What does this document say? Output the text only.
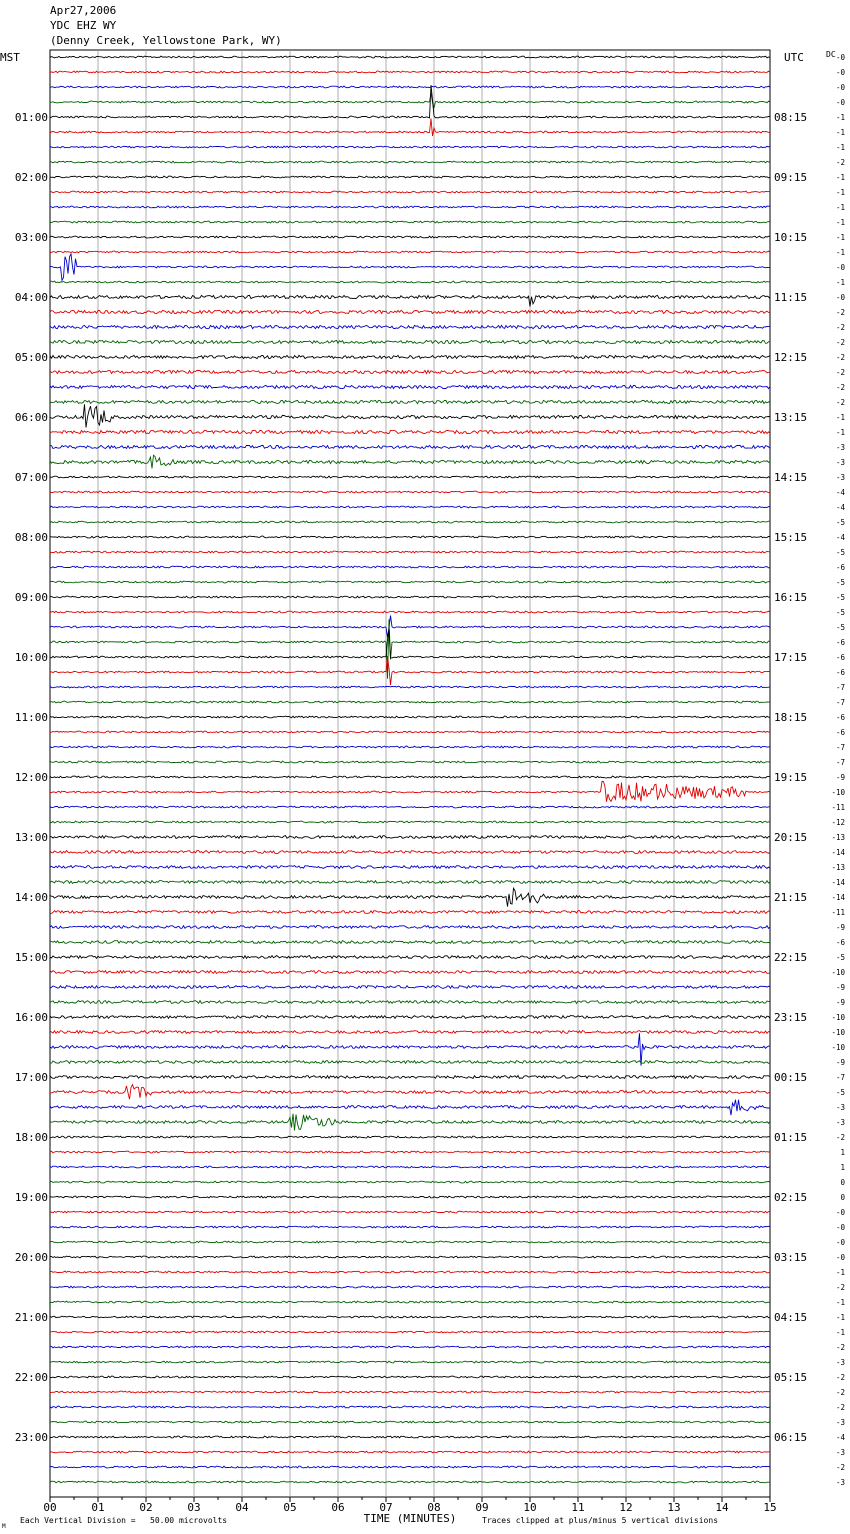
Apr27,2006
YDC EHZ WY
(Denny Creek, Yellowstone Park, WY)
MST	UTC	DC
01:00	08:15
02:00	09:15
03:00	10:15
04:00	11:15
05:00	12:15
06:00	13:15
07:00	14:15
08:00	15:15
09:00	16:15
10:00	17:15
11:00	18:15
12:00	19:15
13:00	20:15
14:00	21:15
15:00	22:15
16:00	23:15
17:00	00:15
18:00	01:15
19:00	02:15
20:00	03:15
21:00	04:15
22:00	05:15
23:00	06:15
-0
-0
-0
-0
-1
-1
-1
-2
-1
-1
-1
-1
-1
-1
-0
-1
-0
-2
-2
-2
-2
-2
-2
-2
-1
-1
-3
-3
-3
-4
-4
-5
-4
-5
-6
-5
-5
-5
-5
-6
-6
-6
-7
-7
-6
-6
-7
-7
-9
-10
-11
-12
-13
-14
-13
-14
-14
-11
-9
-6
-5
-10
-9
-9
-10
-10
-10
-9
-7
-5
-3
-3
-2
1
1
0
0
-0
-0
-0
-0
-1
-2
-1
-1
-1
-2
-3
-2
-2
-2
-3
-4
-3
-2
-3
00	01	02	03	04	05	06	07	08	09	10	11	12	13	14	15
TIME (MINUTES)
Each Vertical Division =   50.00 microvolts	Traces clipped at plus/minus 5 vertical divisions
M
